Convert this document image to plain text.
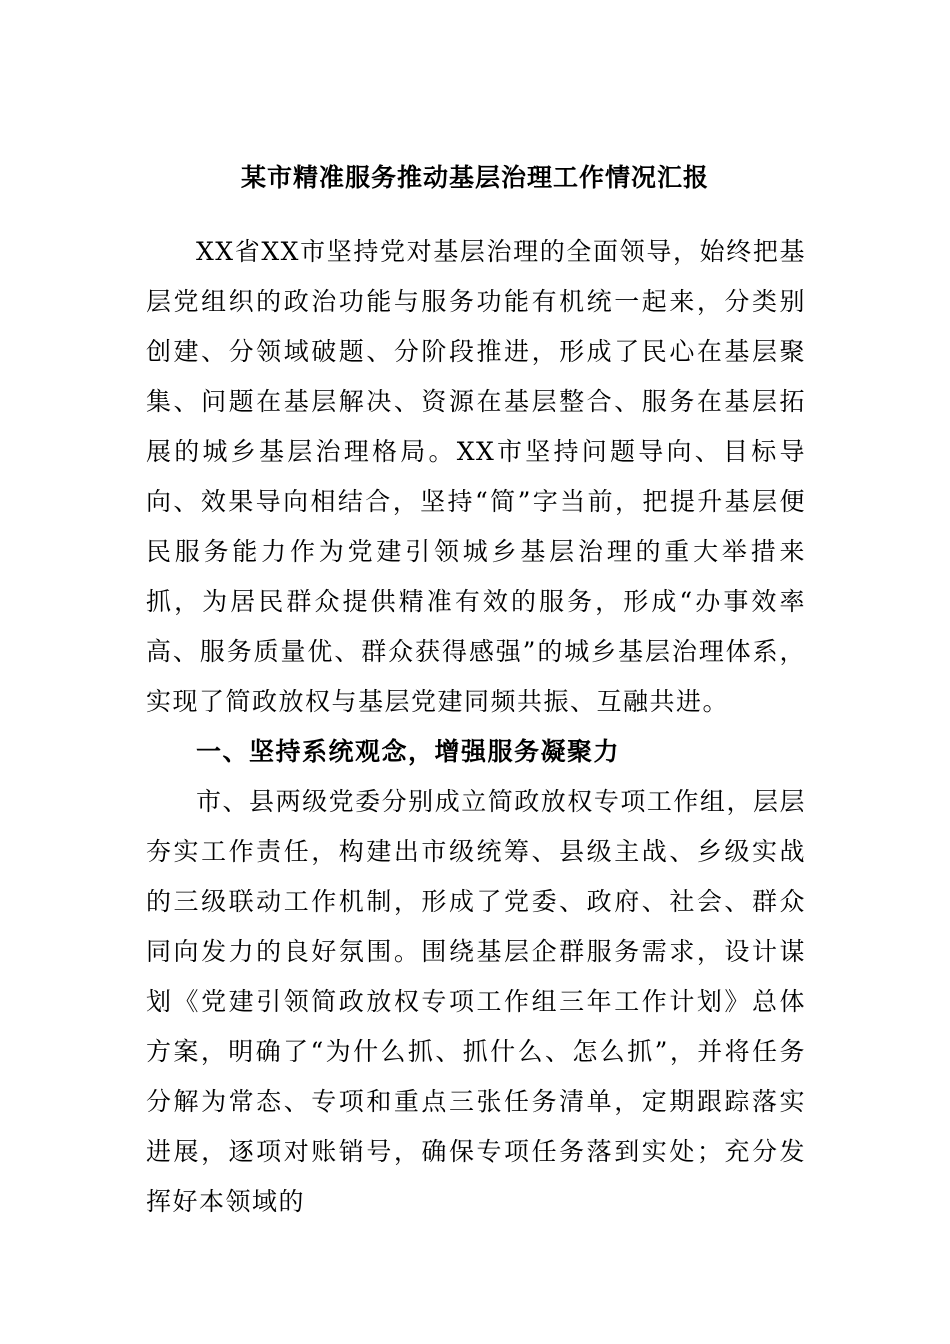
某市精准服务推动基层治理工作情况汇报

XX省XX市坚持党对基层治理的全面领导，始终把基层党组织的政治功能与服务功能有机统一起来，分类别创建、分领域破题、分阶段推进，形成了民心在基层聚集、问题在基层解决、资源在基层整合、服务在基层拓展的城乡基层治理格局。XX市坚持问题导向、目标导向、效果导向相结合，坚持“简”字当前，把提升基层便民服务能力作为党建引领城乡基层治理的重大举措来抓，为居民群众提供精准有效的服务，形成“办事效率高、服务质量优、群众获得感强”的城乡基层治理体系，实现了简政放权与基层党建同频共振、互融共进。

一、坚持系统观念，增强服务凝聚力

市、县两级党委分别成立简政放权专项工作组，层层夯实工作责任，构建出市级统筹、县级主战、乡级实战的三级联动工作机制，形成了党委、政府、社会、群众同向发力的良好氛围。围绕基层企群服务需求，设计谋划《党建引领简政放权专项工作组三年工作计划》总体方案，明确了“为什么抓、抓什么、怎么抓”，并将任务分解为常态、专项和重点三张任务清单，定期跟踪落实进展，逐项对账销号，确保专项任务落到实处；充分发挥好本领域的
